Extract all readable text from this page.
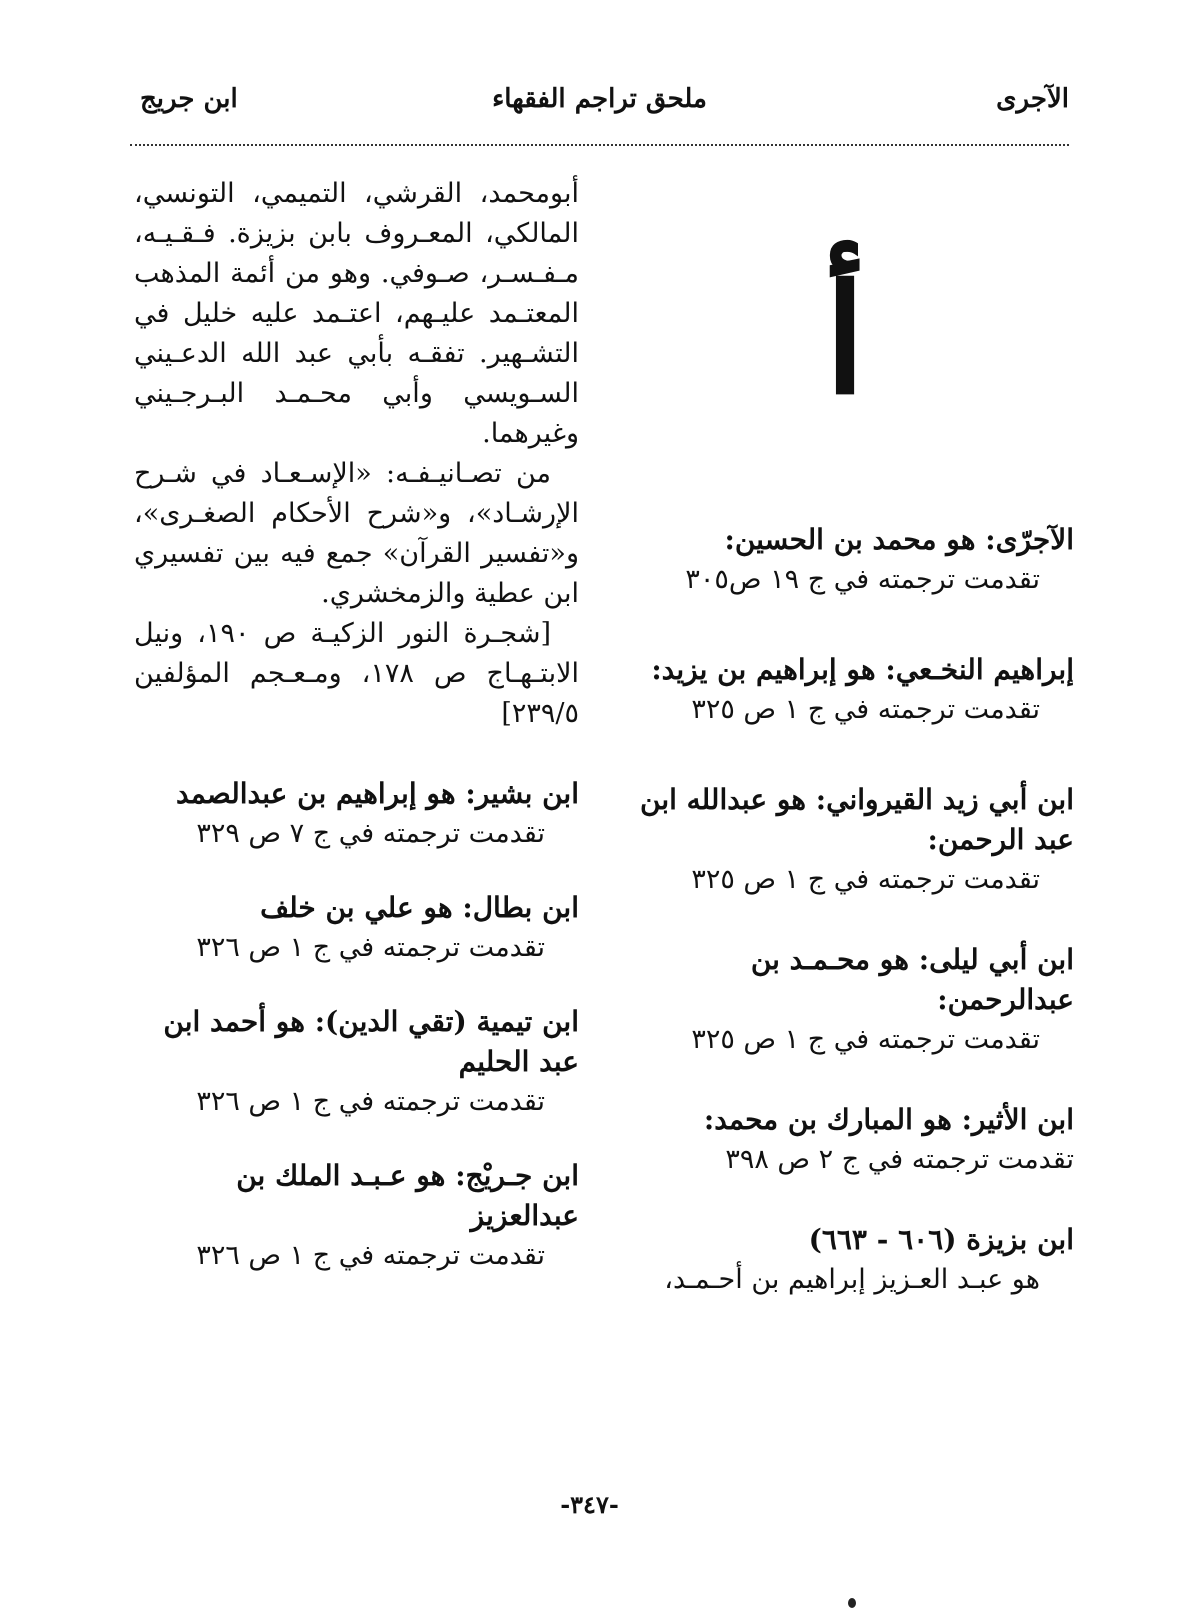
الآجرى
ملحق تراجم الفقهاء
ابن جريج
أ
الآجرّى: هو محمد بن الحسين:
تقدمت ترجمته في ج ١٩ ص٣٠٥
إبراهيم النخـعي: هو إبراهيم بن يزيد:
تقدمت ترجمته في ج ١ ص ٣٢٥
ابن أبي زيد القيرواني: هو عبدالله ابن عبد الرحمن:
تقدمت ترجمته في ج ١ ص ٣٢٥
ابن أبي ليلى: هو محـمـد بن عبدالرحمن:
تقدمت ترجمته في ج ١ ص ٣٢٥
ابن الأثير: هو المبارك بن محمد:
تقدمت ترجمته في ج ٢ ص ٣٩٨
ابن بزيزة (٦٠٦ - ٦٦٣)
هو عبـد العـزيز إبراهيم بن أحـمـد،

أبومحمد، القرشي، التميمي، التونسي، المالكي، المعـروف بابن بزيزة. فـقـيـه، مـفـسـر، صـوفي. وهو من أئمة المذهب المعتـمد عليـهم، اعتـمد عليه خليل في التشـهير. تفقـه بأبي عبد الله الدعـيني السـويسي وأبي محـمـد البـرجـيني وغيرهما.

من تصـانيـفـه: «الإسـعـاد في شـرح الإرشـاد»، و«شرح الأحكام الصغـرى»، و«تفسير القرآن» جمع فيه بين تفسيري ابن عطية والزمخشري.

[شجـرة النور الزكيـة ص ١٩٠، ونيل الابتـهـاج ص ١٧٨، ومـعـجم المؤلفين ٢٣٩/٥]

ابن بشير: هو إبراهيم بن عبدالصمد
تقدمت ترجمته في ج ٧ ص ٣٢٩
ابن بطال: هو علي بن خلف
تقدمت ترجمته في ج ١ ص ٣٢٦
ابن تيمية (تقي الدين): هو أحمد ابن عبد الحليم
تقدمت ترجمته في ج ١ ص ٣٢٦
ابن جـريْج: هو عـبـد الملك بن عبدالعزيز
تقدمت ترجمته في ج ١ ص ٣٢٦
-٣٤٧-
